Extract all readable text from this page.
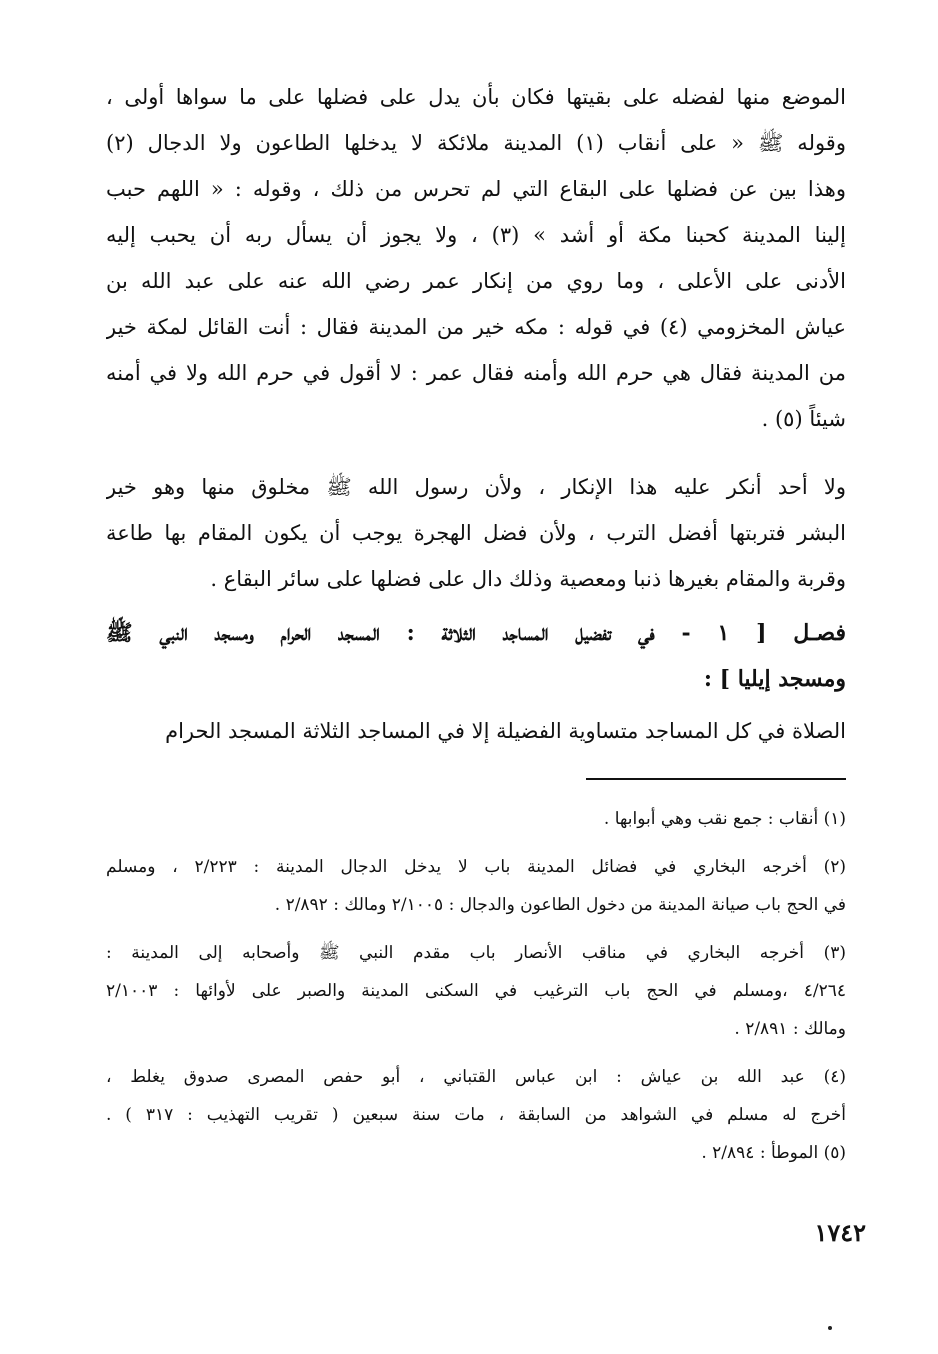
الموضع منها لفضله على بقيتها فكان بأن يدل على فضلها على ما سواها أولى ،
وقوله ﷺ « على أنقاب (١) المدينة ملائكة لا يدخلها الطاعون ولا الدجال (٢)
وهذا بين عن فضلها على البقاع التي لم تحرس من ذلك ، وقوله : « اللهم حبب
إلينا المدينة كحبنا مكة أو أشد » (٣) ، ولا يجوز أن يسأل ربه أن يحبب إليه
الأدنى على الأعلى ، وما روي من إنكار عمر رضي الله عنه على عبد الله بن
عياش المخزومي (٤) في قوله : مكه خير من المدينة فقال : أنت القائل لمكة خير
من المدينة فقال هي حرم الله وأمنه فقال عمر : لا أقول في حرم الله ولا في أمنه
شيئاً (٥) .
ولا أحد أنكر عليه هذا الإنكار ، ولأن رسول الله ﷺ مخلوق منها وهو خير
البشر فتربتها أفضل الترب ، ولأن فضل الهجرة يوجب أن يكون المقام بها طاعة
وقربة والمقام بغيرها ذنبا ومعصية وذلك دال على فضلها على سائر البقاع .
فصـل [ ١ - في تفضيل المساجد الثلاثة : المسجد الحرام ومسجد النبي ﷺ
ومسجد إيليا ] :
الصلاة في كل المساجد متساوية الفضيلة إلا في المساجد الثلاثة المسجد الحرام
(١) أنقاب : جمع نقب وهي أبوابها .
(٢) أخرجه البخاري في فضائل المدينة باب لا يدخل الدجال المدينة : ٢/٢٢٣ ، ومسلم
في الحج باب صيانة المدينة من دخول الطاعون والدجال : ٢/١٠٠٥ ومالك : ٢/٨٩٢ .
(٣) أخرجه البخاري في مناقب الأنصار باب مقدم النبي ﷺ وأصحابه إلى المدينة :
٤/٢٦٤ ،ومسلم في الحج باب الترغيب في السكنى المدينة والصبر على لأوائها : ٢/١٠٠٣
ومالك : ٢/٨٩١ .
(٤) عبد الله بن عياش : ابن عباس القتباني ، أبو حفص المصرى صدوق يغلط ،
أخرج له مسلم في الشواهد من السابقة ، مات سنة سبعين ( تقريب التهذيب : ٣١٧ ) .
(٥) الموطأ : ٢/٨٩٤ .
١٧٤٢
